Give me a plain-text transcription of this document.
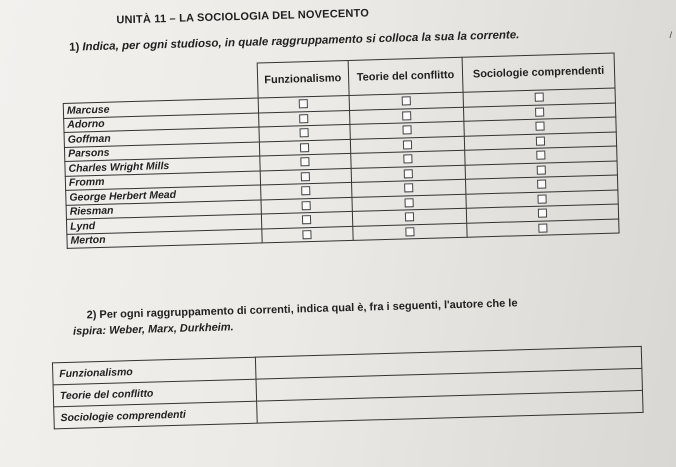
/
UNITÀ 11 – LA SOCIOLOGIA DEL NOVECENTO
1) Indica, per ogni studioso, in quale raggruppamento si colloca la sua la corrente.
	Funzionalismo	Teorie del conflitto	Sociologie comprendenti
Marcuse			
Adorno			
Goffman			
Parsons			
Charles Wright Mills			
Fromm			
George Herbert Mead			
Riesman			
Lynd			
Merton			
2) Per ogni raggruppamento di correnti, indica qual è, fra i seguenti, l'autore che le
ispira: Weber, Marx, Durkheim.
Funzionalismo	
Teorie del conflitto	
Sociologie comprendenti	
